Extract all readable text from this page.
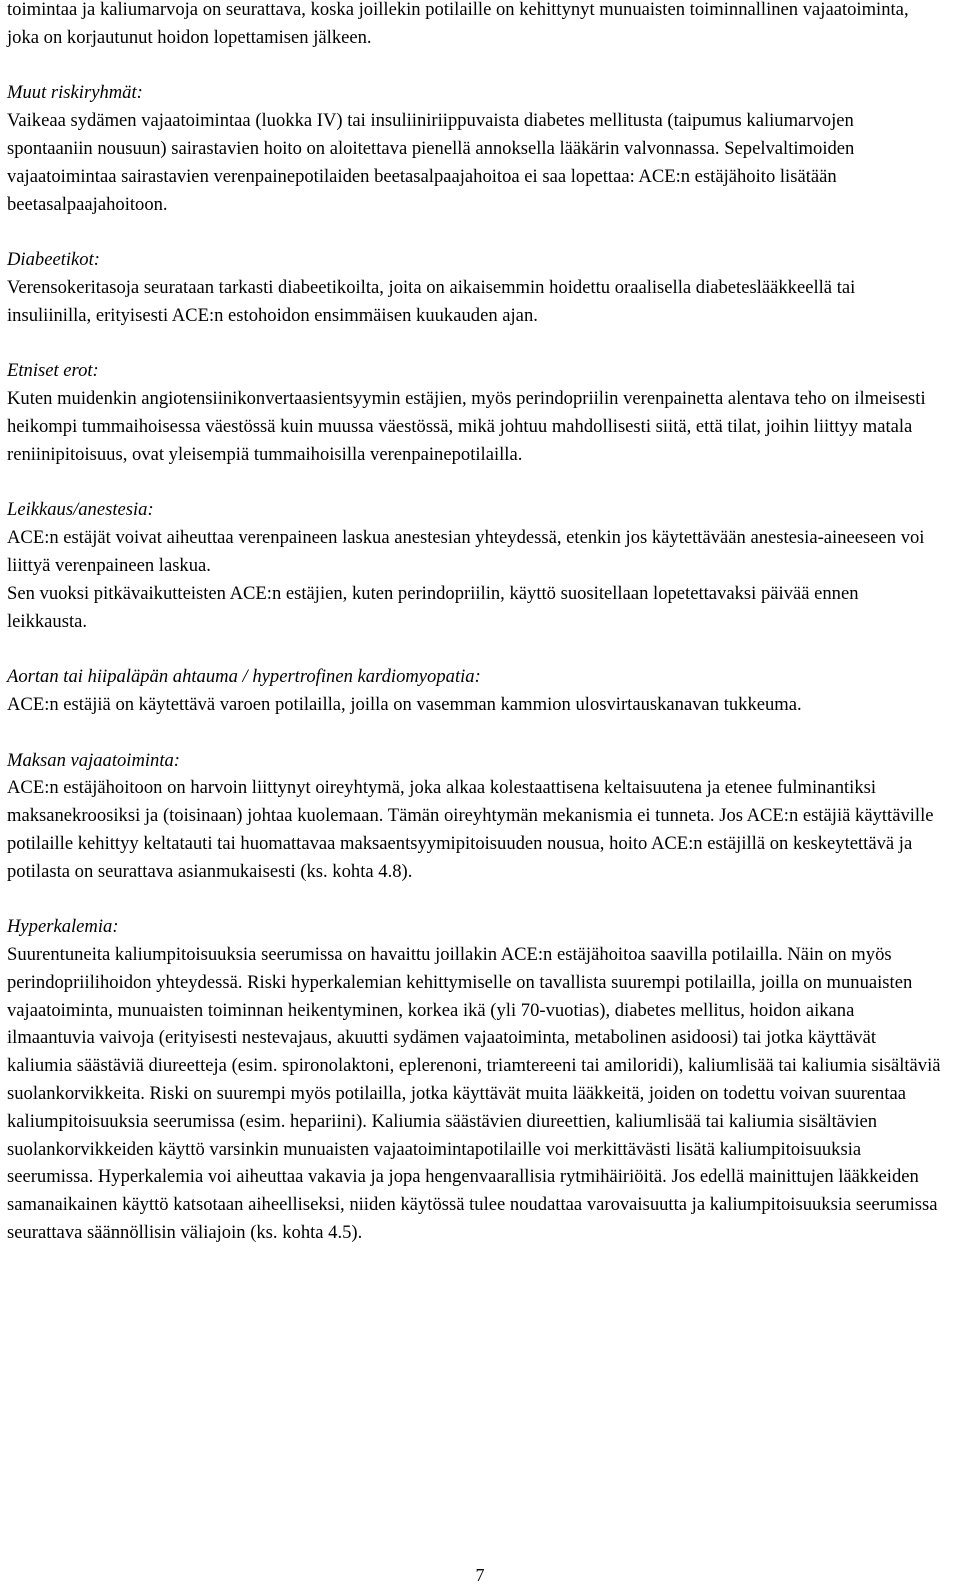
toimintaa ja kaliumarvoja on seurattava, koska joillekin potilaille on kehittynyt munuaisten toiminnallinen vajaatoiminta, joka on korjautunut hoidon lopettamisen jälkeen.
Muut riskiryhmät:
Vaikeaa sydämen vajaatoimintaa (luokka IV) tai insuliiniriippuvaista diabetes mellitusta (taipumus kaliumarvojen spontaaniin nousuun) sairastavien hoito on aloitettava pienellä annoksella lääkärin valvonnassa. Sepelvaltimoiden vajaatoimintaa sairastavien verenpainepotilaiden beetasalpaajahoitoa ei saa lopettaa: ACE:n estäjähoito lisätään beetasalpaajahoitoon.
Diabeetikot:
Verensokeritasoja seurataan tarkasti diabeetikoilta, joita on aikaisemmin hoidettu oraalisella diabeteslääkkeellä tai insuliinilla, erityisesti ACE:n estohoidon ensimmäisen kuukauden ajan.
Etniset erot:
Kuten muidenkin angiotensiinikonvertaasientsyymin estäjien, myös perindopriilin verenpainetta alentava teho on ilmeisesti heikompi tummaihoisessa väestössä kuin muussa väestössä, mikä johtuu mahdollisesti siitä, että tilat, joihin liittyy matala reniinipitoisuus, ovat yleisempiä tummaihoisilla verenpainepotilailla.
Leikkaus/anestesia:
ACE:n estäjät voivat aiheuttaa verenpaineen laskua anestesian yhteydessä, etenkin jos käytettävään anestesia-aineeseen voi liittyä verenpaineen laskua.
Sen vuoksi pitkävaikutteisten ACE:n estäjien, kuten perindopriilin, käyttö suositellaan lopetettavaksi päivää ennen leikkausta.
Aortan tai hiipaläpän ahtauma / hypertrofinen kardiomyopatia:
ACE:n estäjiä on käytettävä varoen potilailla, joilla on vasemman kammion ulosvirtauskanavan tukkeuma.
Maksan vajaatoiminta:
ACE:n estäjähoitoon on harvoin liittynyt oireyhtymä, joka alkaa kolestaattisena keltaisuutena ja etenee fulminantiksi maksanekroosiksi ja (toisinaan) johtaa kuolemaan. Tämän oireyhtymän mekanismia ei tunneta. Jos ACE:n estäjiä käyttäville potilaille kehittyy keltatauti tai huomattavaa maksaentsyymipitoisuuden nousua, hoito ACE:n estäjillä on keskeytettävä ja potilasta on seurattava asianmukaisesti (ks. kohta 4.8).
Hyperkalemia:
Suurentuneita kaliumpitoisuuksia seerumissa on havaittu joillakin ACE:n estäjähoitoa saavilla potilailla. Näin on myös perindopriilihoidon yhteydessä. Riski hyperkalemian kehittymiselle on tavallista suurempi potilailla, joilla on munuaisten vajaatoiminta, munuaisten toiminnan heikentyminen, korkea ikä (yli 70-vuotias), diabetes mellitus, hoidon aikana ilmaantuvia vaivoja (erityisesti nestevajaus, akuutti sydämen vajaatoiminta, metabolinen asidoosi) tai jotka käyttävät kaliumia säästäviä diureetteja (esim. spironolaktoni, eplerenoni, triamtereeni tai amiloridi), kaliumlisää tai kaliumia sisältäviä suolankorvikkeita. Riski on suurempi myös potilailla, jotka käyttävät muita lääkkeitä, joiden on todettu voivan suurentaa kaliumpitoisuuksia seerumissa (esim. hepariini). Kaliumia säästävien diureettien, kaliumlisää tai kaliumia sisältävien suolankorvikkeiden käyttö varsinkin munuaisten vajaatoimintapotilaille voi merkittävästi lisätä kaliumpitoisuuksia seerumissa. Hyperkalemia voi aiheuttaa vakavia ja jopa hengenvaarallisia rytmihäiriöitä. Jos edellä mainittujen lääkkeiden samanaikainen käyttö katsotaan aiheelliseksi, niiden käytössä tulee noudattaa varovaisuutta ja kaliumpitoisuuksia seerumissa seurattava säännöllisin väliajoin (ks. kohta 4.5).
7
